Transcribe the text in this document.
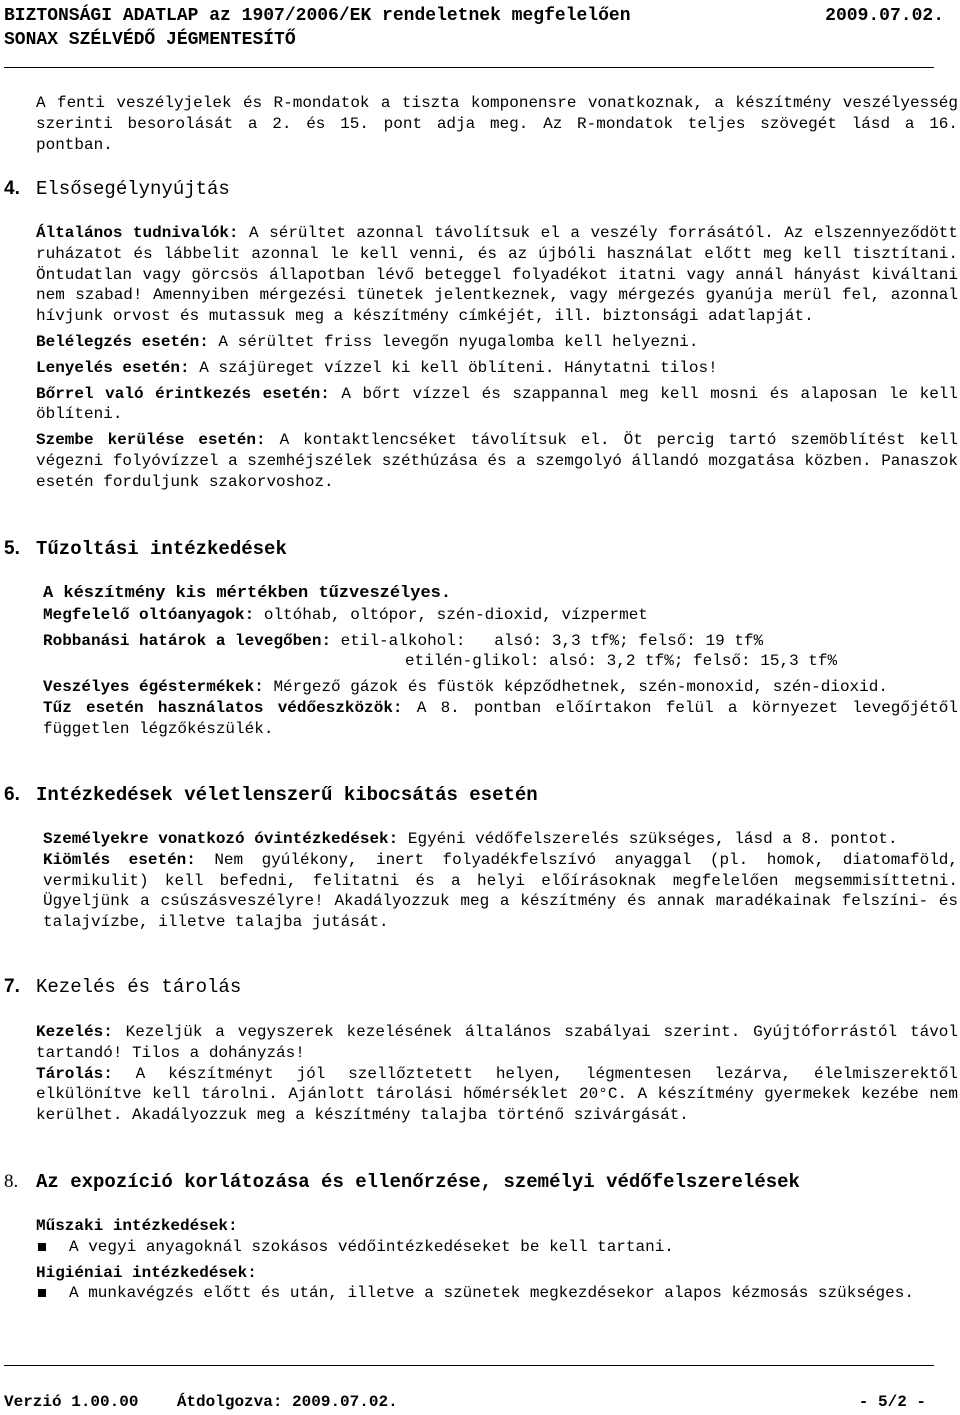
BIZTONSÁGI ADATLAP az 1907/2006/EK rendeletnek megfelelően	2009.07.02.
SONAX SZÉLVÉDŐ JÉGMENTESÍTŐ

A fenti veszélyjelek és R-mondatok a tiszta komponensre vonatkoznak, a készítmény veszélyesség szerinti besorolását a 2. és 15. pont adja meg. Az R-mondatok teljes szövegét lásd a 16. pontban.

4. Elsősegélynyújtás

Általános tudnivalók: A sérültet azonnal távolítsuk el a veszély forrásától. Az elszennyeződött ruházatot és lábbelit azonnal le kell venni, és az újbóli használat előtt meg kell tisztítani. Öntudatlan vagy görcsös állapotban lévő beteggel folyadékot itatni vagy annál hányást kiváltani nem szabad! Amennyiben mérgezési tünetek jelentkeznek, vagy mérgezés gyanúja merül fel, azonnal hívjunk orvost és mutassuk meg a készítmény címkéjét, ill. biztonsági adatlapját.

Belélegzés esetén: A sérültet friss levegőn nyugalomba kell helyezni.

Lenyelés esetén: A szájüreget vízzel ki kell öblíteni. Hánytatni tilos!

Bőrrel való érintkezés esetén: A bőrt vízzel és szappannal meg kell mosni és alaposan le kell öblíteni.

Szembe kerülése esetén: A kontaktlencséket távolítsuk el. Öt percig tartó szemöblítést kell végezni folyóvízzel a szemhéjszélek széthúzása és a szemgolyó állandó mozgatása közben. Panaszok esetén forduljunk szakorvoshoz.

5. Tűzoltási intézkedések

A készítmény kis mértékben tűzveszélyes.

Megfelelő oltóanyagok: oltóhab, oltópor, szén-dioxid, vízpermet

Robbanási határok a levegőben: etil-alkohol:   alsó: 3,3 tf%; felső: 19 tf%

etilén-glikol: alsó: 3,2 tf%; felső: 15,3 tf%

Veszélyes égéstermékek: Mérgező gázok és füstök képződhetnek, szén-monoxid, szén-dioxid.

Tűz esetén használatos védőeszközök: A 8. pontban előírtakon felül a környezet levegőjétől független légzőkészülék.

6. Intézkedések véletlenszerű kibocsátás esetén

Személyekre vonatkozó óvintézkedések: Egyéni védőfelszerelés szükséges, lásd a 8. pontot.

Kiömlés esetén: Nem gyúlékony, inert folyadékfelszívó anyaggal (pl. homok, diatomaföld, vermikulit) kell befedni, felitatni és a helyi előírásoknak megfelelően megsemmisíttetni. Ügyeljünk a csúszásveszélyre! Akadályozzuk meg a készítmény és annak maradékainak felszíni- és talajvízbe, illetve talajba jutását.

7. Kezelés és tárolás

Kezelés: Kezeljük a vegyszerek kezelésének általános szabályai szerint. Gyújtóforrástól távol tartandó! Tilos a dohányzás!

Tárolás: A készítményt jól szellőztetett helyen, légmentesen lezárva, élelmiszerektől elkülönítve kell tárolni. Ajánlott tárolási hőmérséklet 20°C. A készítmény gyermekek kezébe nem kerülhet. Akadályozzuk meg a készítmény talajba történő szivárgását.

8. Az expozíció korlátozása és ellenőrzése, személyi védőfelszerelések

Műszaki intézkedések:

A vegyi anyagoknál szokásos védőintézkedéseket be kell tartani.

Higiéniai intézkedések:

A munkavégzés előtt és után, illetve a szünetek megkezdésekor alapos kézmosás szükséges.
Verzió 1.00.00 Átdolgozva: 2009.07.02.	- 5/2 -
